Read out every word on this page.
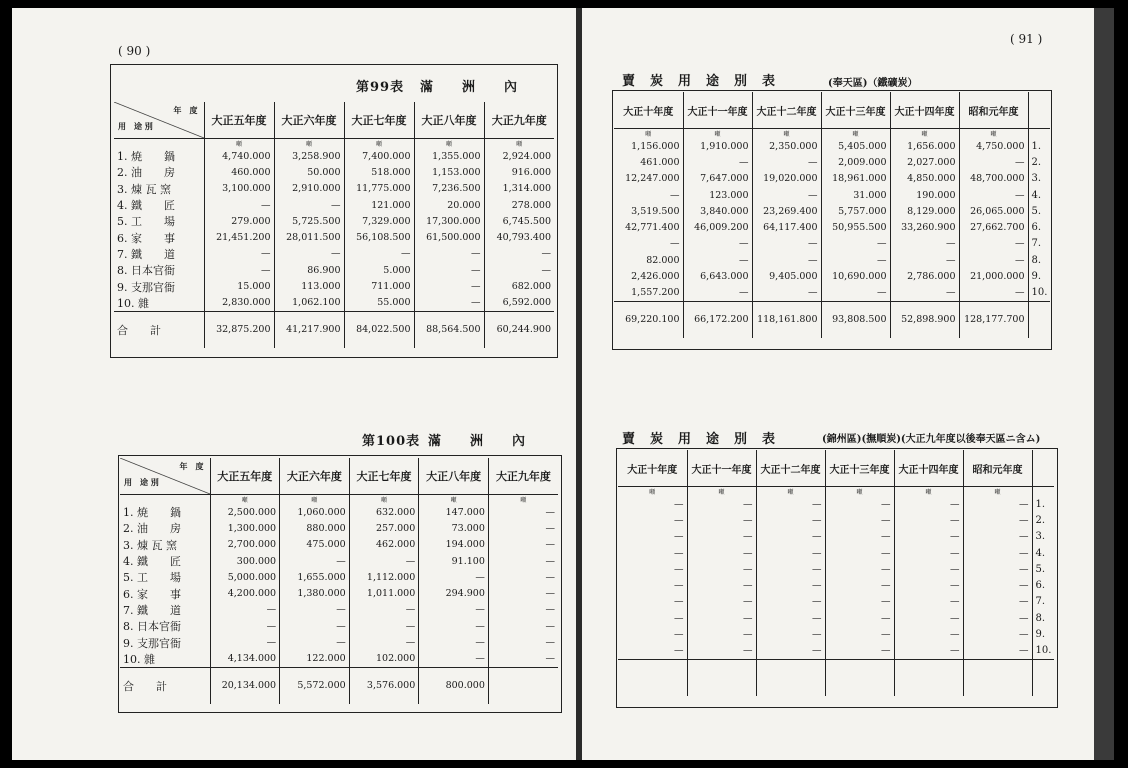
( 90 )
( 91 )
第99表 滿　　洲　　內
年　度
用　途 別	大正五年度	大正六年度	大正七年度	大正八年度	大正九年度
	噸	噸	噸	噸	噸
1. 焼　　鍋	4,740.000	3,258.900	7,400.000	1,355.000	2,924.000
2. 油　　房	460.000	50.000	518.000	1,153.000	916.000
3. 煉 瓦 窯	3,100.000	2,910.000	11,775.000	7,236.500	1,314.000
4. 鐵　　匠	—	—	121.000	20.000	278.000
5. 工　　場	279.000	5,725.500	7,329.000	17,300.000	6,745.500
6. 家　　事	21,451.200	28,011.500	56,108.500	61,500.000	40,793.400
7. 鐵　　道	—	—	—	—	—
8. 日本官衙	—	86.900	5.000	—	—
9. 支那官衙	15.000	113.000	711.000	—	682.000
10. 雜	2,830.000	1,062.100	55.000	—	6,592.000
合　　計	32,875.200	41,217.900	84,022.500	88,564.500	60,244.900
第100表 滿　　洲　　內
年　度
用　途 別	大正五年度	大正六年度	大正七年度	大正八年度	大正九年度
	噸	噸	噸	噸	噸
1. 焼　　鍋	2,500.000	1,060.000	632.000	147.000	—
2. 油　　房	1,300.000	880.000	257.000	73.000	—
3. 煉 瓦 窯	2,700.000	475.000	462.000	194.000	—
4. 鐵　　匠	300.000	—	—	91.100	—
5. 工　　場	5,000.000	1,655.000	1,112.000	—	—
6. 家　　事	4,200.000	1,380.000	1,011.000	294.900	—
7. 鐵　　道	—	—	—	—	—
8. 日本官衙	—	—	—	—	—
9. 支那官衙	—	—	—	—	—
10. 雜	4,134.000	122.000	102.000	—	—
合　　計	20,134.000	5,572.000	3,576.000	800.000	
賣　炭　用　途　別　表	(奉天區)（鐵礦炭）
大正十年度	大正十一年度	大正十二年度	大正十三年度	大正十四年度	昭和元年度	
噸	噸	噸	噸	噸	噸	
1,156.000	1,910.000	2,350.000	5,405.000	1,656.000	4,750.000	1.
461.000	—	—	2,009.000	2,027.000	—	2.
12,247.000	7,647.000	19,020.000	18,961.000	4,850.000	48,700.000	3.
—	123.000	—	31.000	190.000	—	4.
3,519.500	3,840.000	23,269.400	5,757.000	8,129.000	26,065.000	5.
42,771.400	46,009.200	64,117.400	50,955.500	33,260.900	27,662.700	6.
—	—	—	—	—	—	7.
82.000	—	—	—	—	—	8.
2,426.000	6,643.000	9,405.000	10,690.000	2,786.000	21,000.000	9.
1,557.200	—	—	—	—	—	10.
69,220.100	66,172.200	118,161.800	93,808.500	52,898.900	128,177.700	
賣　炭　用　途　別　表	(錦州區)(撫順炭)(大正九年度以後奉天區ニ含ム)
大正十年度	大正十一年度	大正十二年度	大正十三年度	大正十四年度	昭和元年度	
噸	噸	噸	噸	噸	噸	
—	—	—	—	—	—	1.
—	—	—	—	—	—	2.
—	—	—	—	—	—	3.
—	—	—	—	—	—	4.
—	—	—	—	—	—	5.
—	—	—	—	—	—	6.
—	—	—	—	—	—	7.
—	—	—	—	—	—	8.
—	—	—	—	—	—	9.
—	—	—	—	—	—	10.
